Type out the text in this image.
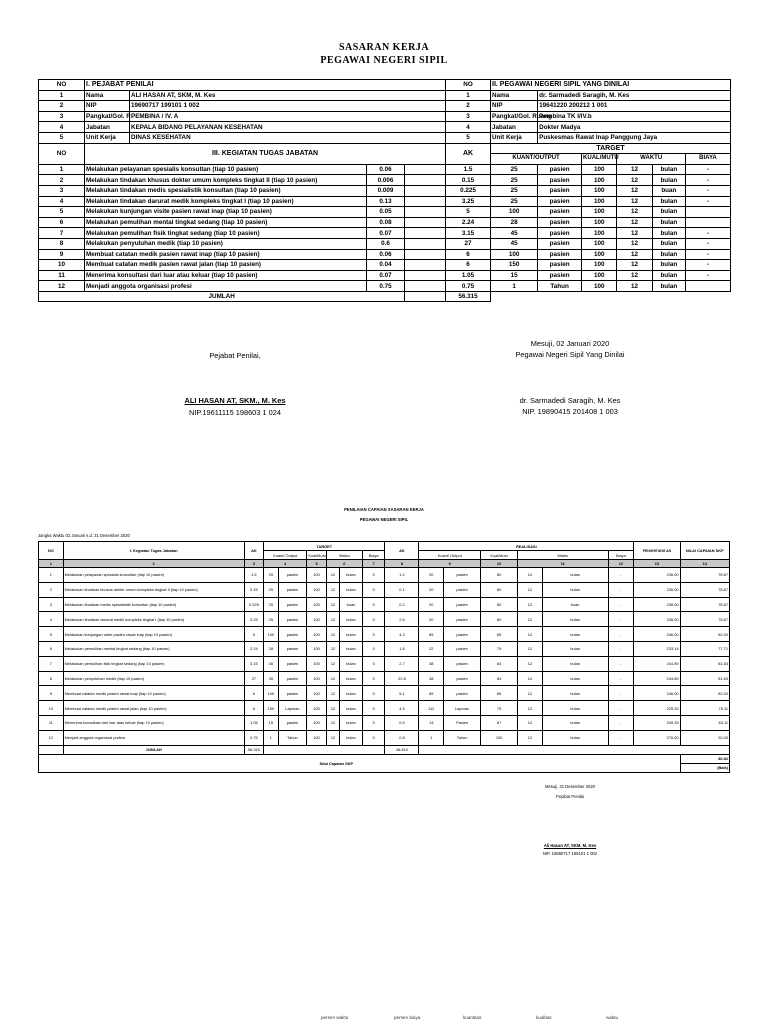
SASARAN KERJA
PEGAWAI NEGERI SIPIL
NO	I. PEJABAT PENILAI				NO	II. PEGAWAI NEGERI SIPIL YANG DINILAI					
1	Nama	ALI HASAN AT, SKM, M. Kes			1	Nama	dr. Sarmadedi Saragih, M. Kes				
2	NIP	19690717 199101 1 002			2	NIP	19641220 200212 1 001				
3	Pangkat/Gol. R	PEMBINA / IV. A			3	Pangkat/Gol. Ruang	Pembina TK I/IV.b				
4	Jabatan	KEPALA BIDANG PELAYANAN KESEHATAN			4	Jabatan	Dokter Madya				
5	Unit Kerja	DINAS KESEHATAN			5	Unit Kerja	Puskesmas Rawat Inap Panggung Jaya				
NO	III. KEGIATAN TUGAS JABATAN				AK	TARGET					
						KUANT/OUTPUT		KUAL/MUTU	WAKTU		BIAYA
1	Melakukan pelayanan spesialis konsultan (tiap 10 pasien)		0.06		1.5	25	pasien	100	12	bulan	-
2	Melakukan tindakan khusus dokter umum kompleks tingkat II (tiap 10 pasien)		0.006		0.15	25	pasien	100	12	bulan	-
3	Melakukan tindakan medis spesialistik konsultan (tiap 10 pasien)		0.009		0.225	25	pasien	100	12	buan	-
4	Melakukan tindakan darurat medik kompleks tingkat I (tiap 10 pasien)		0.13		3.25	25	pasien	100	12	bulan	-
5	Melakukan kunjungan visite pasien rawat inap (tiap 10 pasien)		0.05		5	100	pasien	100	12	bulan	
6	Melakukan pemulihan mental tingkat sedang (tiap 10 pasien)		0.08		2.24	28	pasien	100	12	bulan	
7	Melakukan pemulihan fisik tingkat sedang (tiap 10 pasien)		0.07		3.15	45	pasien	100	12	bulan	-
8	Melakukan penyuluhan medik (tiap 10 pasien)		0.6		27	45	pasien	100	12	bulan	-
9	Membuat catatan medik pasien rawat inap (tiap 10 pasien)		0.06		6	100	pasien	100	12	bulan	-
10	Membuat catatan medik pasien rawat jalan (tiap 10 pasien)		0.04		6	150	pasien	100	12	bulan	-
11	Menerima konsultasi dari luar atau keluar (tiap 10 pasien)		0.07		1.05	15	pasien	100	12	bulan	-
12	Menjadi anggota organisasi profesi		0.75		0.75	1	Tahun	100	12	bulan	
JUMLAH					56.315						
Mesuji, 02 Januari 2020
Pejabat Penilai,	Pegawai Negeri Sipil Yang Dinilai
ALI HASAN AT, SKM., M. Kes
NIP.19611115 198603 1 024
dr. Sarmadedi Saragih, M. Kes
NIP. 19890415 201408 1 003
PENILAIAN CAPAIAN SASARAN KERJA
PEGAWAI NEGERI SIPIL
Jangka Waktu 02 Januari s.d. 31 Desember 2020
NO	I. Kegiatan Tugas Jabatan	AK	TARGET						AK	REALISASI						PENGHITUNG AN	NILAI CAPAIAN SKP
			Kuant/ Output		Kual/Mutu	Waktu		Biaya		Kuant/ Output		Kual/Mutu	Waktu		Biaya		
1	2	3	4		5	6		7	8	9		10	11		12	13	14
1	Melakukan pelayanan spesialis konsultan (tiap 10 pasien)	1.5	25	pasien	100	12	bulan	0	1.2	20	pasien	80	12	bulan	-	236.00	78.67
2	Melakukan tindakan khusus dokter umum kompleks tingkat II (tiap 10 pasien)	0.15	25	pasien	100	12	bulan	0	0.1	20	pasien	80	12	bulan	-	236.00	78.67
3	Melakukan tindakan medis spesialistik konsultan (tiap 10 pasien)	0.225	25	pasien	100	12	buan	0	0.2	20	pasien	80	12	buan	-	236.00	78.67
4	Melakukan tindakan darurat medik kompleks tingkat I (tiap 10 pasien)	3.25	25	pasien	100	12	bulan	0	2.6	20	pasien	80	12	bulan	-	236.00	78.67
5	Melakukan kunjungan visite pasien rawat inap (tiap 10 pasien)	5	100	pasien	100	12	bulan	0	4.3	85	pasien	85	12	bulan	-	246.00	82.00
6	Melakukan pemulihan mental tingkat sedang (tiap 10 pasien)	2.24	28	pasien	100	12	bulan	0	1.8	22	pasien	79	12	bulan	-	233.14	77.71
7	Melakukan pemulihan fisik tingkat sedang (tiap 10 pasien)	3.15	45	pasien	100	12	bulan	0	2.7	38	pasien	84	12	bulan	-	244.89	81.63
8	Melakukan penyuluhan medik (tiap 10 pasien)	27	45	pasien	100	12	bulan	0	22.8	38	pasien	84	12	bulan	-	244.89	81.63
9	Membuat catatan medik pasien rawat inap (tiap 10 pasien)	6	100	pasien	100	12	bulan	0	5.1	85	pasien	85	12	bulan	-	246.00	82.00
10	Membuat catatan medik pasien rawat jalan (tiap 10 pasien)	6	150	Laporan	100	12	bulan	0	4.5	112	Laporan	75	12	bulan	-	225.33	75.11
11	Menerima konsultasi dari luar atau keluar (tiap 10 pasien)	1.05	15	pasien	100	12	bulan	0	0.9	13	Pasien	87	12	bulan	-	249.33	83.11
12	Menjadi anggota organisasi profesi	0.75	1	Tahun	100	12	bulan	0	0.8	1	Tahun	100	12	bulan	-	276.00	92.00
	JUMLAH	56.315							46.810								
Nilai Capaian SKP																	80.82
																	(Baik)
Mesuji, 31 Desember 2020
Pejabat Penilai
Ali Hasan AT, SKM. M. Kes
NIP. 19690717 199101 1 002
persen waktu	persen biaya	kuantitas	kualitas	waktu
